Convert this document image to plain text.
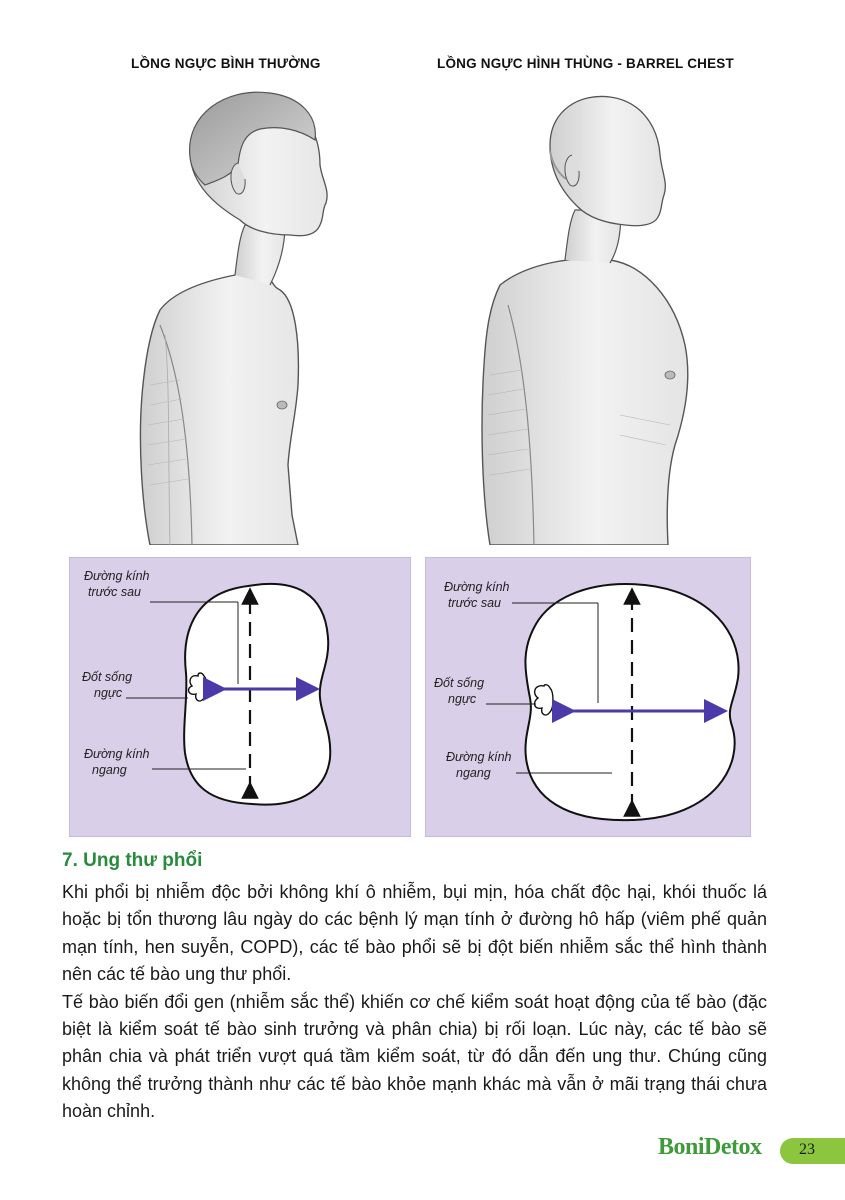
LỒNG NGỰC BÌNH THƯỜNG	LỒNG NGỰC HÌNH THÙNG - BARREL CHEST
Đường kính
trước sau
Đốt sống
ngực
Đường kính
ngang
Đường kính
trước sau
Đốt sống
ngực
Đường kính
ngang
7. Ung thư phổi

Khi phổi bị nhiễm độc bởi không khí ô nhiễm, bụi mịn, hóa chất độc hại, khói thuốc lá hoặc bị tổn thương lâu ngày do các bệnh lý mạn tính ở đường hô hấp (viêm phế quản mạn tính, hen suyễn, COPD), các tế bào phổi sẽ bị đột biến nhiễm sắc thể hình thành nên các tế bào ung thư phổi.

Tế bào biến đổi gen (nhiễm sắc thể) khiến cơ chế kiểm soát hoạt động của tế bào (đặc biệt là kiểm soát tế bào sinh trưởng và phân chia) bị rối loạn. Lúc này, các tế bào sẽ phân chia và phát triển vượt quá tầm kiểm soát, từ đó dẫn đến ung thư. Chúng cũng không thể trưởng thành như các tế bào khỏe mạnh khác mà vẫn ở mãi trạng thái chưa hoàn chỉnh.

BoniDetox	23
